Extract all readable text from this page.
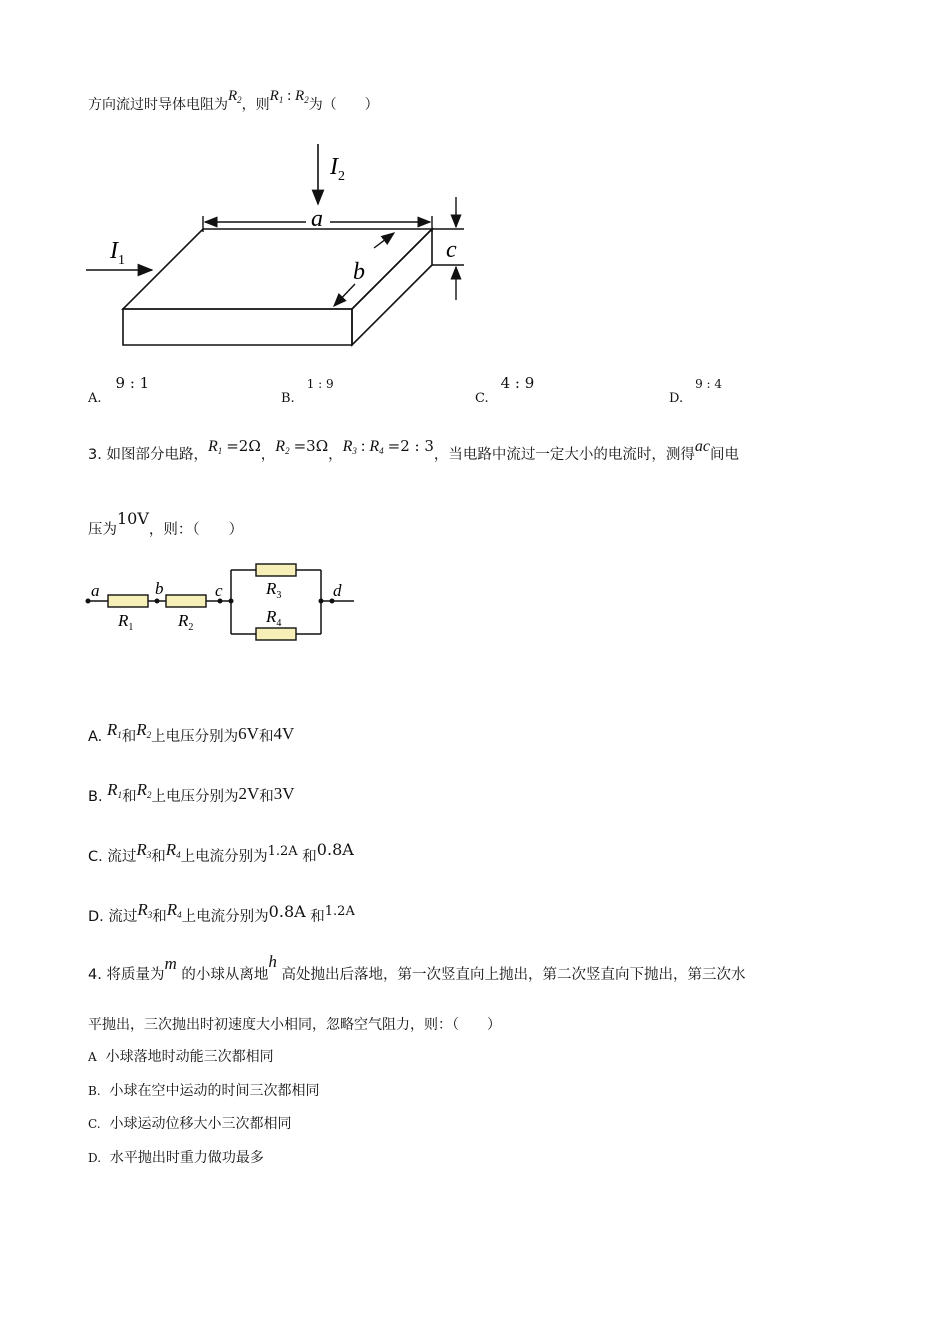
方向流过时导体电阻为$R_2$，则$R_1$ : $R_2$为（　　）
$I_1$
$I_2$
a
b
c
$_{A.}$9 : 1
$_{B.}$1 : 9
$_{C.}$4 : 9
$_{D.}$9 : 4
3. 如图部分电路，R1 =2Ω，R2 =3Ω，R3 : R4 =2 : 3，当电路中流过一定大小的电流时，测得ac间电
压为10V，则：（　　）
a	b	c	d
$R_1$	$R_2$
$R_3$
$R_4$
A. R1和R2上电压分别为6V和4V
B. R1和R2上电压分别为2V和3V
C. 流过R3和R4上电流分别为1.2A 和0.8A
D. 流过R3和R4上电流分别为0.8A 和1.2A
4. 将质量为m 的小球从离地h 高处抛出后落地，第一次竖直向上抛出，第二次竖直向下抛出，第三次水
平抛出，三次抛出时初速度大小相同，忽略空气阻力，则：（　　）
A 小球落地时动能三次都相同
B. 小球在空中运动的时间三次都相同
C. 小球运动位移大小三次都相同
D. 水平抛出时重力做功最多
